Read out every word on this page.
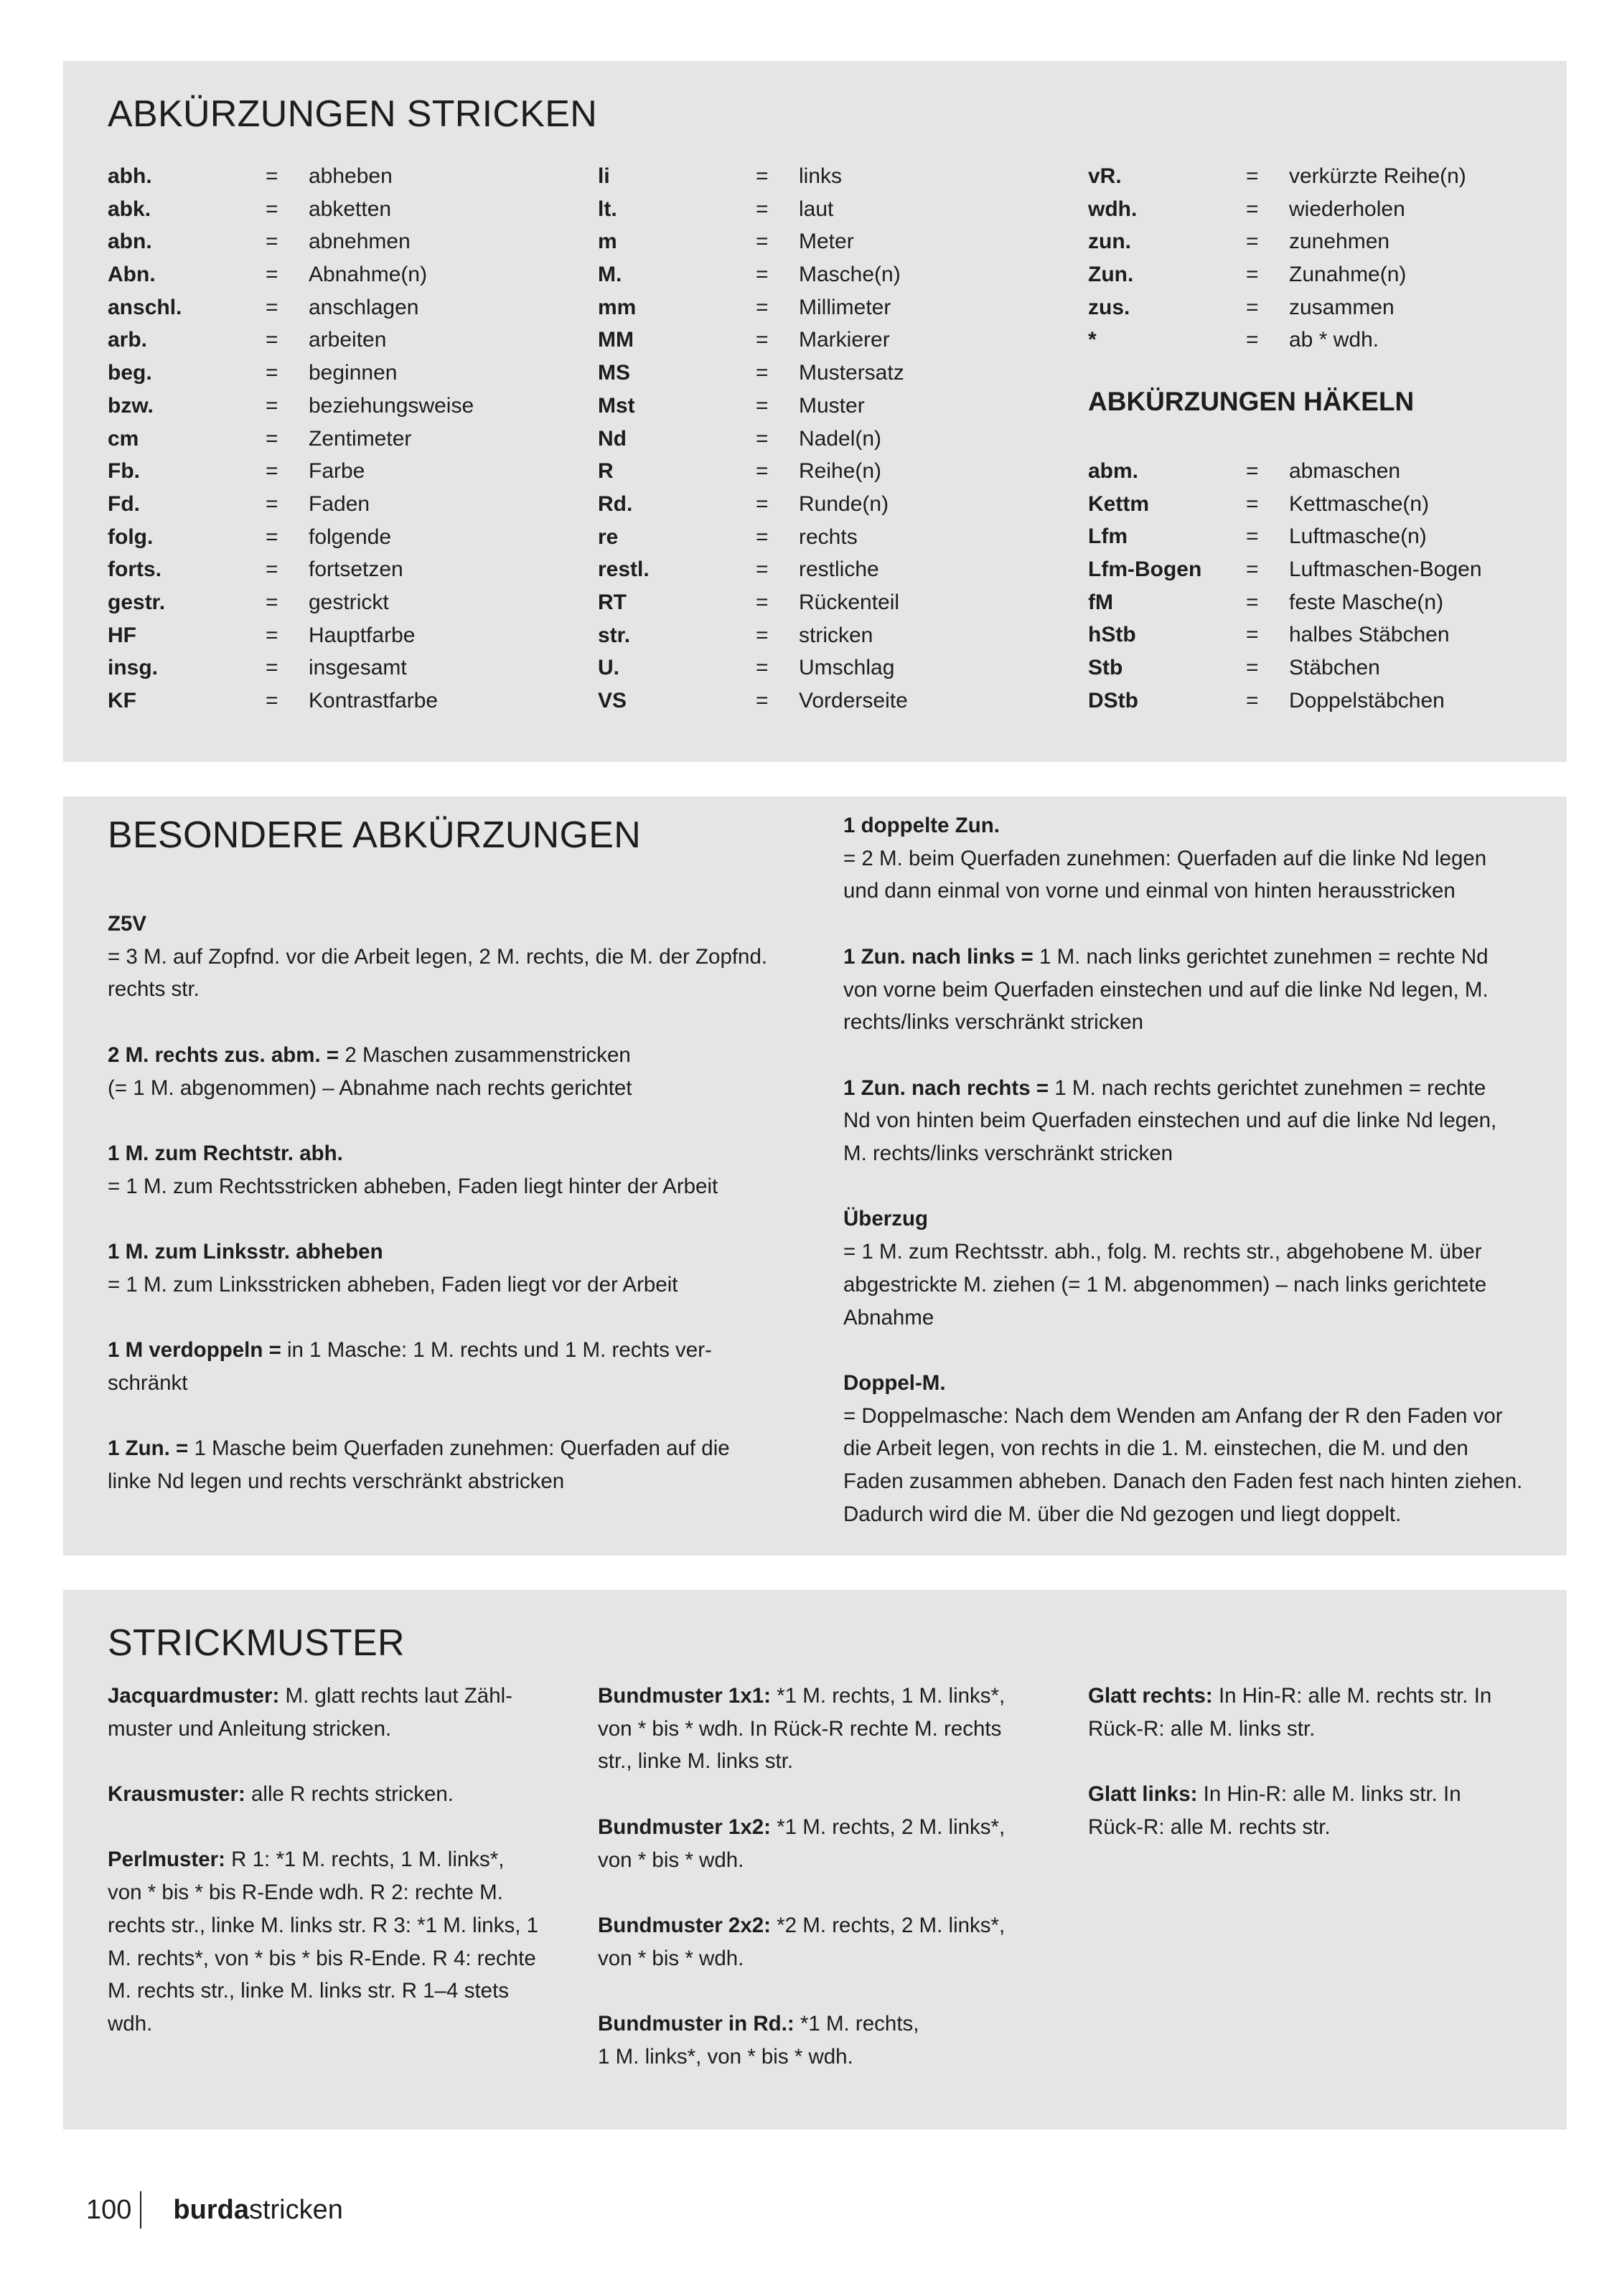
ABKÜRZUNGEN STRICKEN
abh.	=	abheben
abk.	=	abketten
abn.	=	abnehmen
Abn.	=	Abnahme(n)
anschl.	=	anschlagen
arb.	=	arbeiten
beg.	=	beginnen
bzw.	=	beziehungsweise
cm	=	Zentimeter
Fb.	=	Farbe
Fd.	=	Faden
folg.	=	folgende
forts.	=	fortsetzen
gestr.	=	gestrickt
HF	=	Hauptfarbe
insg.	=	insgesamt
KF	=	Kontrastfarbe
li	=	links
lt.	=	laut
m	=	Meter
M.	=	Masche(n)
mm	=	Millimeter
MM	=	Markierer
MS	=	Mustersatz
Mst	=	Muster
Nd	=	Nadel(n)
R	=	Reihe(n)
Rd.	=	Runde(n)
re	=	rechts
restl.	=	restliche
RT	=	Rückenteil
str.	=	stricken
U.	=	Umschlag
VS	=	Vorderseite
vR.	=	verkürzte Reihe(n)
wdh.	=	wiederholen
zun.	=	zunehmen
Zun.	=	Zunahme(n)
zus.	=	zusammen
*	=	ab * wdh.
ABKÜRZUNGEN HÄKELN
abm.	=	abmaschen
Kettm	=	Kettmasche(n)
Lfm	=	Luftmasche(n)
Lfm-Bogen	=	Luftmaschen-Bogen
fM	=	feste Masche(n)
hStb	=	halbes Stäbchen
Stb	=	Stäbchen
DStb	=	Doppelstäbchen
BESONDERE ABKÜRZUNGEN

Z5V
= 3 M. auf Zopfnd. vor die Arbeit legen, 2 M. rechts, die M. der Zopfnd.
rechts str.

2 M. rechts zus. abm. = 2 Maschen zusammenstricken
(= 1 M. abgenommen) – Abnahme nach rechts gerichtet

1 M. zum Rechtstr. abh.
= 1 M. zum Rechtsstricken abheben, Faden liegt hinter der Arbeit

1 M. zum Linksstr. abheben
= 1 M. zum Linksstricken abheben, Faden liegt vor der Arbeit

1 M verdoppeln = in 1 Masche: 1 M. rechts und 1 M. rechts ver-
schränkt

1 Zun. = 1 Masche beim Querfaden zunehmen: Querfaden auf die
linke Nd legen und rechts verschränkt abstricken

1 doppelte Zun.
= 2 M. beim Querfaden zunehmen: Querfaden auf die linke Nd legen
und dann einmal von vorne und einmal von hinten herausstricken

1 Zun. nach links = 1 M. nach links gerichtet zunehmen = rechte Nd
von vorne beim Querfaden einstechen und auf die linke Nd legen, M.
rechts/links verschränkt stricken

1 Zun. nach rechts = 1 M. nach rechts gerichtet zunehmen = rechte
Nd von hinten beim Querfaden einstechen und auf die linke Nd legen,
M. rechts/links verschränkt stricken

Überzug
= 1 M. zum Rechtsstr. abh., folg. M. rechts str., abgehobene M. über
abgestrickte M. ziehen (= 1 M. abgenommen) – nach links gerichtete
Abnahme

Doppel-M.
= Doppelmasche: Nach dem Wenden am Anfang der R den Faden vor
die Arbeit legen, von rechts in die 1. M. einstechen, die M. und den
Faden zusammen abheben. Danach den Faden fest nach hinten ziehen.
Dadurch wird die M. über die Nd gezogen und liegt doppelt.

STRICKMUSTER

Jacquardmuster: M. glatt rechts laut Zähl-
muster und Anleitung stricken.

Krausmuster: alle R rechts stricken.

Perlmuster: R 1: *1 M. rechts, 1 M. links*,
von * bis * bis R-Ende wdh. R 2: rechte M.
rechts str., linke M. links str. R 3: *1 M. links, 1
M. rechts*, von * bis * bis R-Ende. R 4: rechte
M. rechts str., linke M. links str. R 1–4 stets
wdh.

Bundmuster 1x1: *1 M. rechts, 1 M. links*,
von * bis * wdh. In Rück-R rechte M. rechts
str., linke M. links str.

Bundmuster 1x2: *1 M. rechts, 2 M. links*,
von * bis * wdh.

Bundmuster 2x2: *2 M. rechts, 2 M. links*,
von * bis * wdh.

Bundmuster in Rd.: *1 M. rechts,
1 M. links*, von * bis * wdh.

Glatt rechts: In Hin-R: alle M. rechts str. In
Rück-R: alle M. links str.

Glatt links: In Hin-R: alle M. links str. In
Rück-R: alle M. rechts str.

100	burdastricken
